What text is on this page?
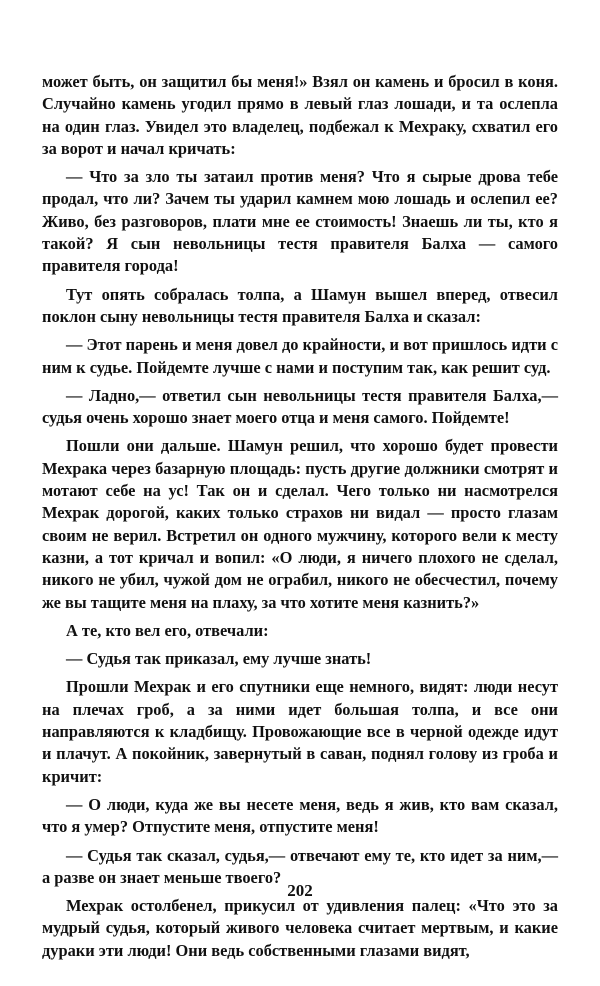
может быть, он защитил бы меня!» Взял он камень и бросил в коня. Случайно камень угодил прямо в левый глаз лошади, и та ослепла на один глаз. Увидел это владелец, подбежал к Мехраку, схватил его за ворот и начал кричать:

— Что за зло ты затаил против меня? Что я сырые дрова тебе продал, что ли? Зачем ты ударил камнем мою лошадь и ослепил ее? Живо, без разговоров, плати мне ее стоимость! Знаешь ли ты, кто я такой? Я сын невольницы тестя правителя Балха — самого правителя города!

Тут опять собралась толпа, а Шамун вышел вперед, отвесил поклон сыну невольницы тестя правителя Балха и сказал:

— Этот парень и меня довел до крайности, и вот пришлось идти с ним к судье. Пойдемте лучше с нами и поступим так, как решит суд.

— Ладно,— ответил сын невольницы тестя правителя Балха,— судья очень хорошо знает моего отца и меня самого. Пойдемте!

Пошли они дальше. Шамун решил, что хорошо будет провести Мехрака через базарную площадь: пусть другие должники смотрят и мотают себе на ус! Так он и сделал. Чего только ни насмотрелся Мехрак дорогой, каких только страхов ни видал — просто глазам своим не верил. Встретил он одного мужчину, которого вели к месту казни, а тот кричал и вопил: «О люди, я ничего плохого не сделал, никого не убил, чужой дом не ограбил, никого не обесчестил, почему же вы тащите меня на плаху, за что хотите меня казнить?»

А те, кто вел его, отвечали:

— Судья так приказал, ему лучше знать!

Прошли Мехрак и его спутники еще немного, видят: люди несут на плечах гроб, а за ними идет большая толпа, и все они направляются к кладбищу. Провожающие все в черной одежде идут и плачут. А покойник, завернутый в саван, поднял голову из гроба и кричит:

— О люди, куда же вы несете меня, ведь я жив, кто вам сказал, что я умер? Отпустите меня, отпустите меня!

— Судья так сказал, судья,— отвечают ему те, кто идет за ним,— а разве он знает меньше твоего?

Мехрак остолбенел, прикусил от удивления палец: «Что это за мудрый судья, который живого человека считает мертвым, и какие дураки эти люди! Они ведь собственными глазами видят,

202
